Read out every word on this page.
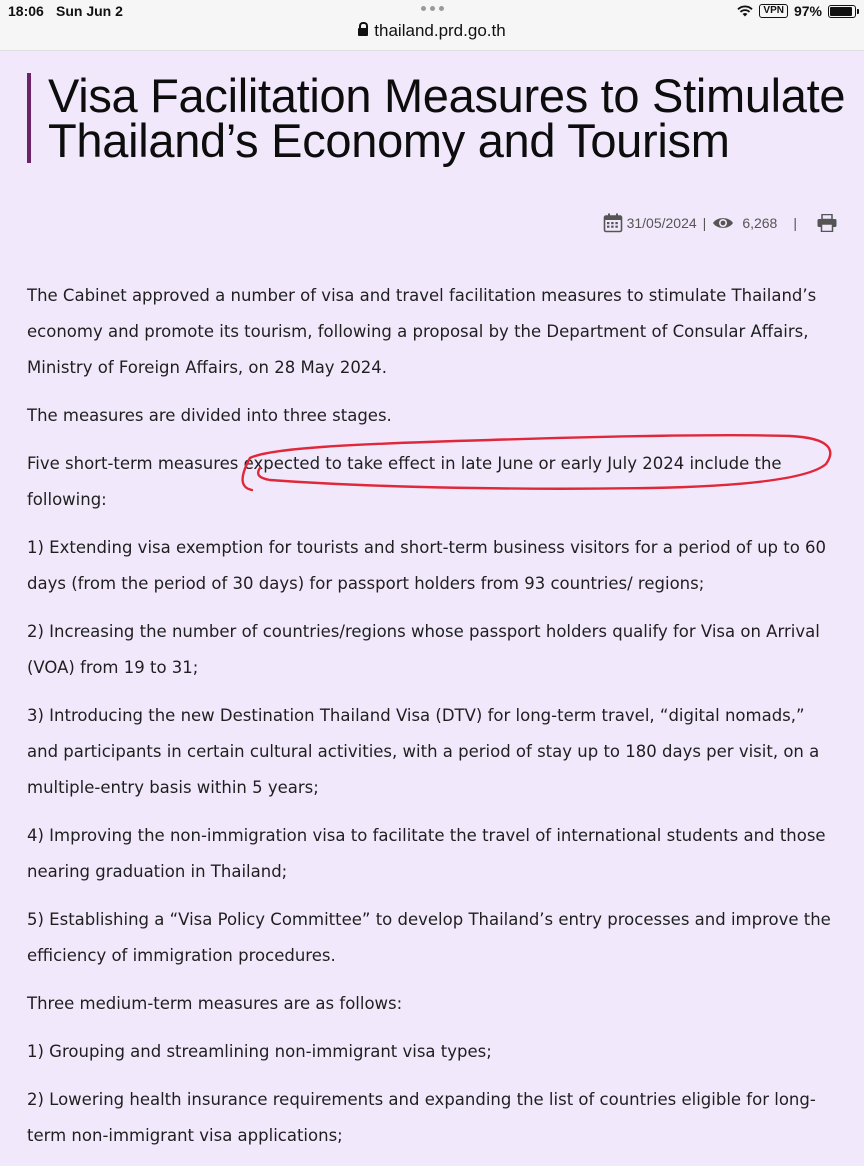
18:06 Sun Jun 2
thailand.prd.go.th
VPN 97%
Visa Facilitation Measures to Stimulate Thailand’s Economy and Tourism
31/05/2024 |	6,268 |

The Cabinet approved a number of visa and travel facilitation measures to stimulate Thailand’s economy and promote its tourism, following a proposal by the Department of Consular Affairs, Ministry of Foreign Affairs, on 28 May 2024.

The measures are divided into three stages.

Five short-term measures expected to take effect in late June or early July 2024 include the following:

1) Extending visa exemption for tourists and short-term business visitors for a period of up to 60 days (from the period of 30 days) for passport holders from 93 countries/ regions;

2) Increasing the number of countries/regions whose passport holders qualify for Visa on Arrival (VOA) from 19 to 31;

3) Introducing the new Destination Thailand Visa (DTV) for long-term travel, “digital nomads,” and participants in certain cultural activities, with a period of stay up to 180 days per visit, on a multiple-entry basis within 5 years;

4) Improving the non-immigration visa to facilitate the travel of international students and those nearing graduation in Thailand;

5) Establishing a “Visa Policy Committee” to develop Thailand’s entry processes and improve the efficiency of immigration procedures.

Three medium-term measures are as follows:

1) Grouping and streamlining non-immigrant visa types;

2) Lowering health insurance requirements and expanding the list of countries eligible for long-term non-immigrant visa applications;
